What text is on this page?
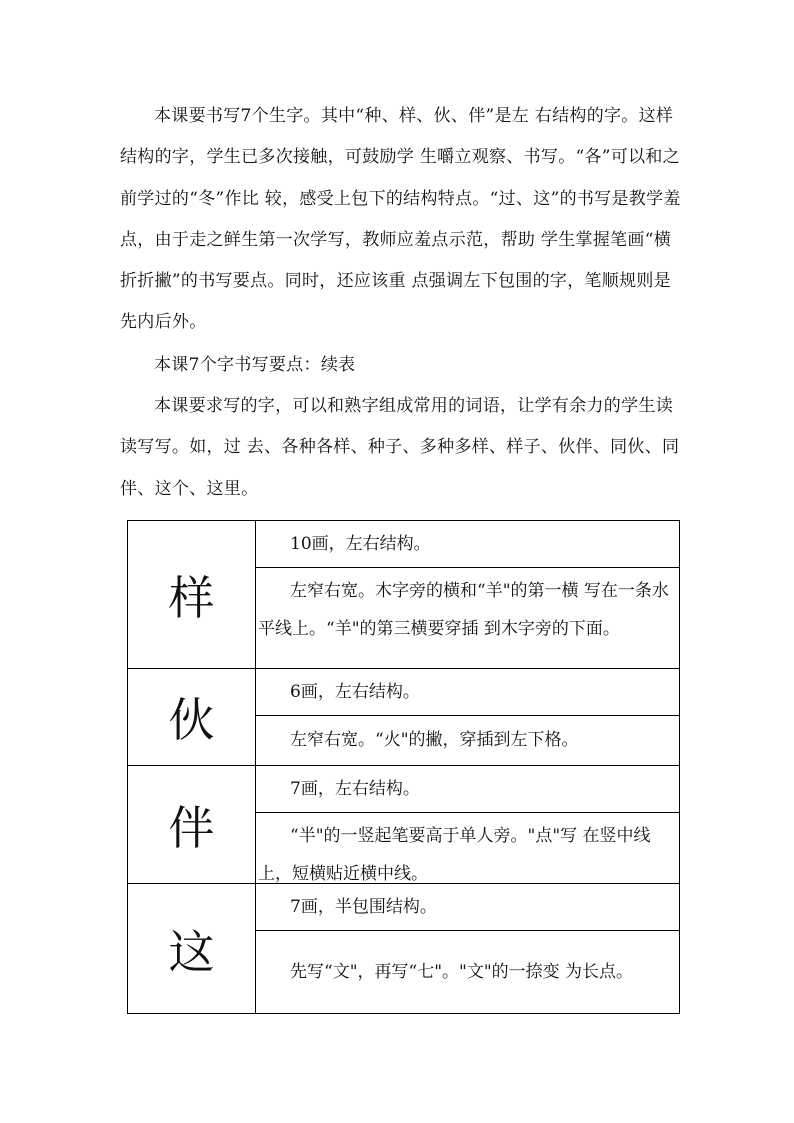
本课要书写7个生字。其中“种、样、伙、伴”是左 右结构的字。这样结构的字，学生已多次接触，可鼓励学 生嚼立观察、书写。“各”可以和之前学过的“冬”作比 较，感受上包下的结构特点。“过、这”的书写是教学羞 点，由于走之鲜生第一次学写，教师应羞点示范，帮助 学生掌握笔画“横折折撇”的书写要点。同时，还应该重 点强调左下包围的字，笔顺规则是先内后外。

本课7个字书写要点：续表

本课要求写的字，可以和熟字组成常用的词语，让学有余力的学生读读写写。如，过 去、各种各样、种子、多种多样、样子、伙伴、同伙、同伴、这个、这里。

样	10画，左右结构。

	左窄右宽。木字旁的横和“羊"的第一横 写在一条水平线上。“羊"的第三横要穿插 到木字旁的下面。

伙	6画，左右结构。

	左窄右宽。“火"的撇，穿插到左下格。

伴	7画，左右结构。

	“半"的一竖起笔要高于单人旁。"点"写 在竖中线上，短横贴近横中线。

这	7画，半包围结构。

	先写“文"，再写“七"。"文"的一捺变 为长点。
